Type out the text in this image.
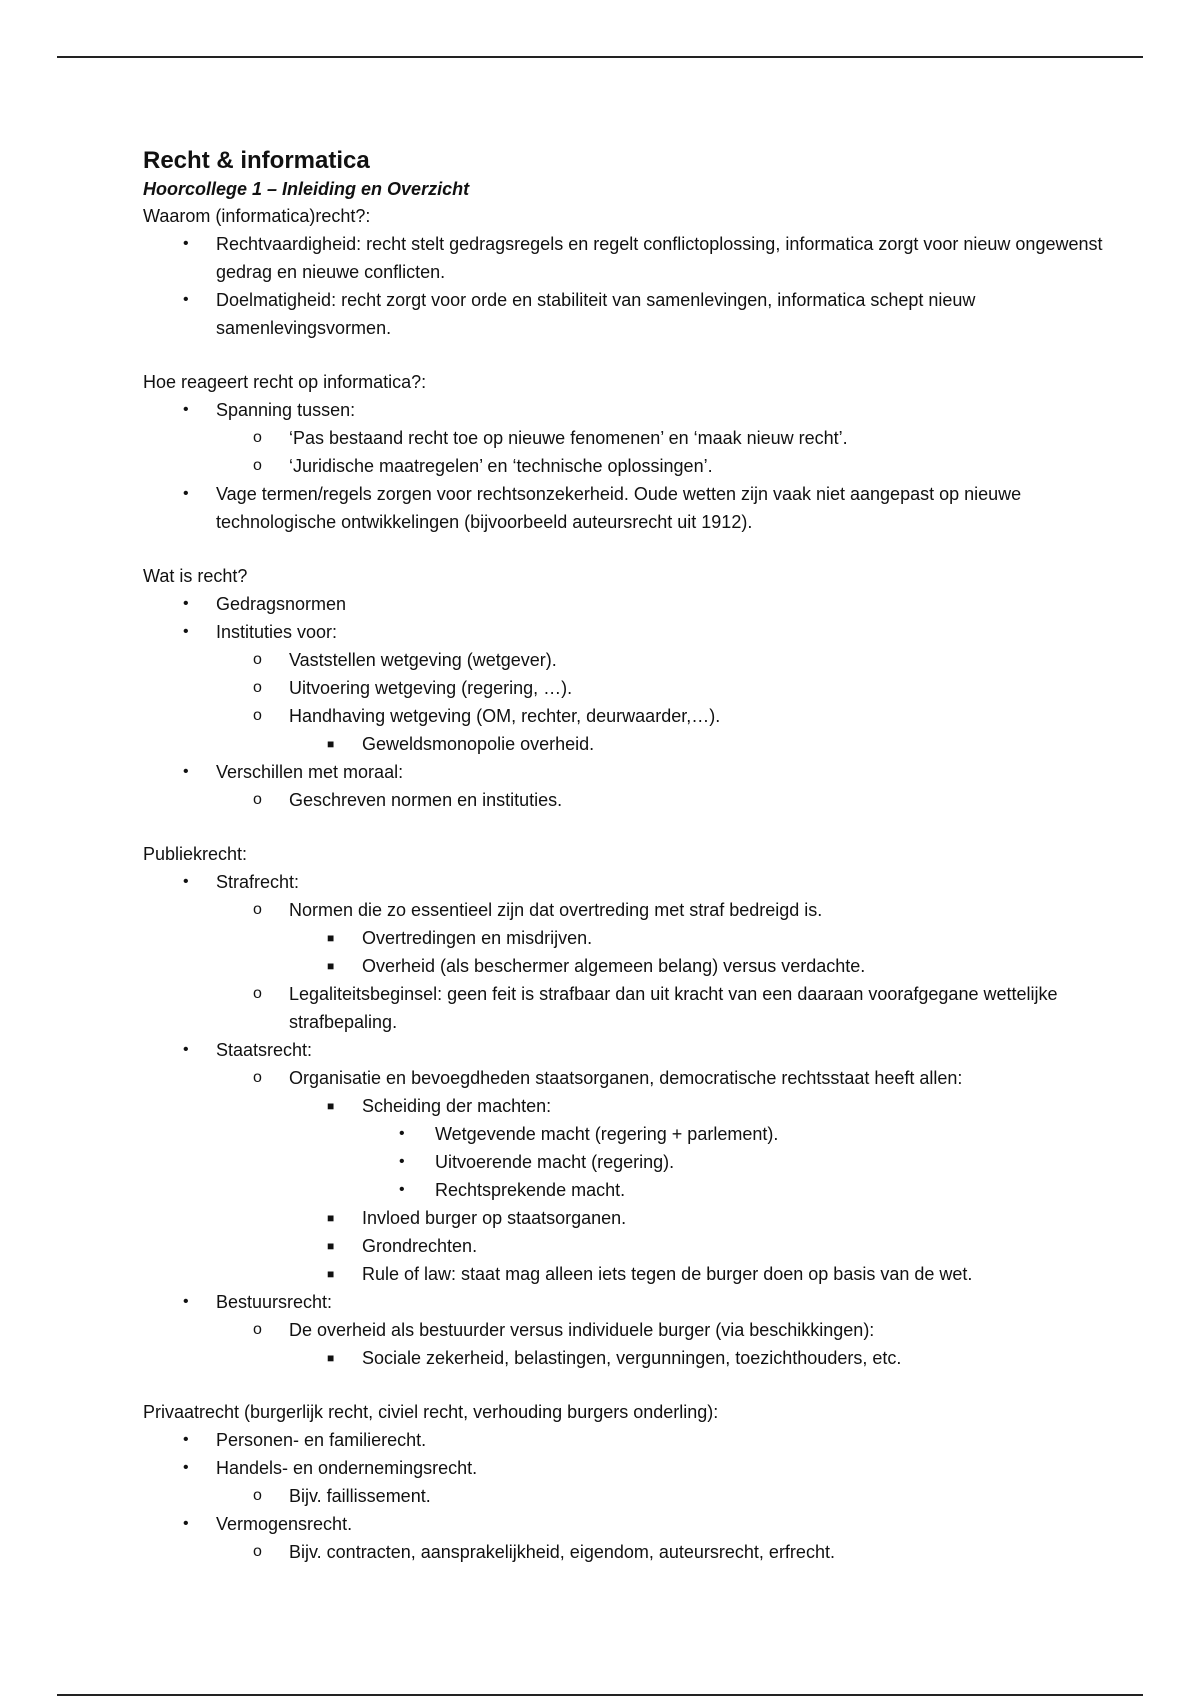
Recht & informatica
Hoorcollege 1 – Inleiding en Overzicht

Waarom (informatica)recht?:

• Rechtvaardigheid: recht stelt gedragsregels en regelt conflictoplossing, informatica zorgt voor nieuw ongewenst gedrag en nieuwe conflicten.
• Doelmatigheid: recht zorgt voor orde en stabiliteit van samenlevingen, informatica schept nieuw samenlevingsvormen.

Hoe reageert recht op informatica?:

• Spanning tussen:
o ‘Pas bestaand recht toe op nieuwe fenomenen’ en ‘maak nieuw recht’.
o ‘Juridische maatregelen’ en ‘technische oplossingen’.
• Vage termen/regels zorgen voor rechtsonzekerheid. Oude wetten zijn vaak niet aangepast op nieuwe technologische ontwikkelingen (bijvoorbeeld auteursrecht uit 1912).

Wat is recht?

• Gedragsnormen
• Instituties voor:
o Vaststellen wetgeving (wetgever).
o Uitvoering wetgeving (regering, …).
o Handhaving wetgeving (OM, rechter, deurwaarder,…).
■ Geweldsmonopolie overheid.
• Verschillen met moraal:
o Geschreven normen en instituties.

Publiekrecht:

• Strafrecht:
o Normen die zo essentieel zijn dat overtreding met straf bedreigd is.
■ Overtredingen en misdrijven.
■ Overheid (als beschermer algemeen belang) versus verdachte.
o Legaliteitsbeginsel: geen feit is strafbaar dan uit kracht van een daaraan voorafgegane wettelijke strafbepaling.
• Staatsrecht:
o Organisatie en bevoegdheden staatsorganen, democratische rechtsstaat heeft allen:
■ Scheiding der machten:
• Wetgevende macht (regering + parlement).
• Uitvoerende macht (regering).
• Rechtsprekende macht.
■ Invloed burger op staatsorganen.
■ Grondrechten.
■ Rule of law: staat mag alleen iets tegen de burger doen op basis van de wet.
• Bestuursrecht:
o De overheid als bestuurder versus individuele burger (via beschikkingen):
■ Sociale zekerheid, belastingen, vergunningen, toezichthouders, etc.

Privaatrecht (burgerlijk recht, civiel recht, verhouding burgers onderling):

• Personen- en familierecht.
• Handels- en ondernemingsrecht.
o Bijv. faillissement.
• Vermogensrecht.
o Bijv. contracten, aansprakelijkheid, eigendom, auteursrecht, erfrecht.
